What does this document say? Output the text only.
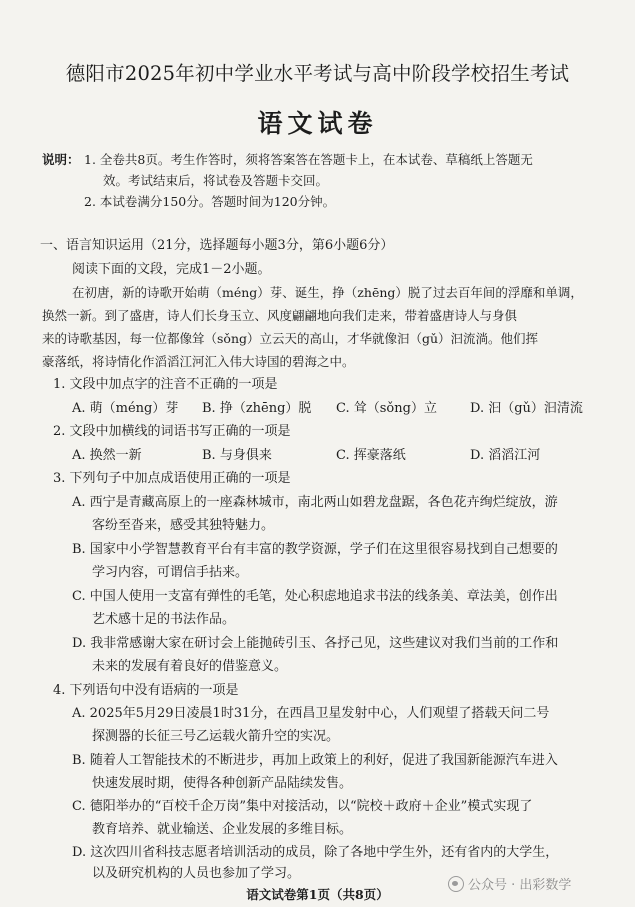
德阳市2025年初中学业水平考试与高中阶段学校招生考试
语文试卷
说明： 1. 全卷共8页。考生作答时，须将答案答在答题卡上，在本试卷、草稿纸上答题无
效。考试结束后，将试卷及答题卡交回。
2. 本试卷满分150分。答题时间为120分钟。
一、语言知识运用（21分，选择题每小题3分，第6小题6分）
阅读下面的文段，完成1－2小题。
在初唐，新的诗歌开始萌（méng）芽、诞生，挣（zhēng）脱了过去百年间的浮靡和单调，
换然一新。到了盛唐，诗人们长身玉立、风度翩翩地向我们走来，带着盛唐诗人与身俱
来的诗歌基因，每一位都像耸（sǒng）立云天的高山，才华就像汩（gǔ）汩流淌。他们挥
豪落纸，将诗情化作滔滔江河汇入伟大诗国的碧海之中。
1. 文段中加点字的注音不正确的一项是
A. 萌（méng）芽 B. 挣（zhēng）脱 C. 耸（sǒng）立	D. 汩（gǔ）汩清流
2. 文段中加横线的词语书写正确的一项是
A. 换然一新	B. 与身俱来	C. 挥豪落纸	D. 滔滔江河
3. 下列句子中加点成语使用正确的一项是
A. 西宁是青藏高原上的一座森林城市，南北两山如碧龙盘踞，各色花卉绚烂绽放，游
客纷至沓来，感受其独特魅力。
B. 国家中小学智慧教育平台有丰富的教学资源，学子们在这里很容易找到自己想要的
学习内容，可谓信手拈来。
C. 中国人使用一支富有弹性的毛笔，处心积虑地追求书法的线条美、章法美，创作出
艺术感十足的书法作品。
D. 我非常感谢大家在研讨会上能抛砖引玉、各抒己见，这些建议对我们当前的工作和
未来的发展有着良好的借鉴意义。
4. 下列语句中没有语病的一项是
A. 2025年5月29日凌晨1时31分，在西昌卫星发射中心，人们观望了搭载天问二号
探测器的长征三号乙运载火箭升空的实况。
B. 随着人工智能技术的不断进步，再加上政策上的利好，促进了我国新能源汽车进入
快速发展时期，使得各种创新产品陆续发售。
C. 德阳举办的“百校千企万岗”集中对接活动，以“院校＋政府＋企业”模式实现了
教育培养、就业输送、企业发展的多维目标。
D. 这次四川省科技志愿者培训活动的成员，除了各地中学生外，还有省内的大学生，
以及研究机构的人员也参加了学习。
语文试卷第1页（共8页）
公众号 · 出彩数学
